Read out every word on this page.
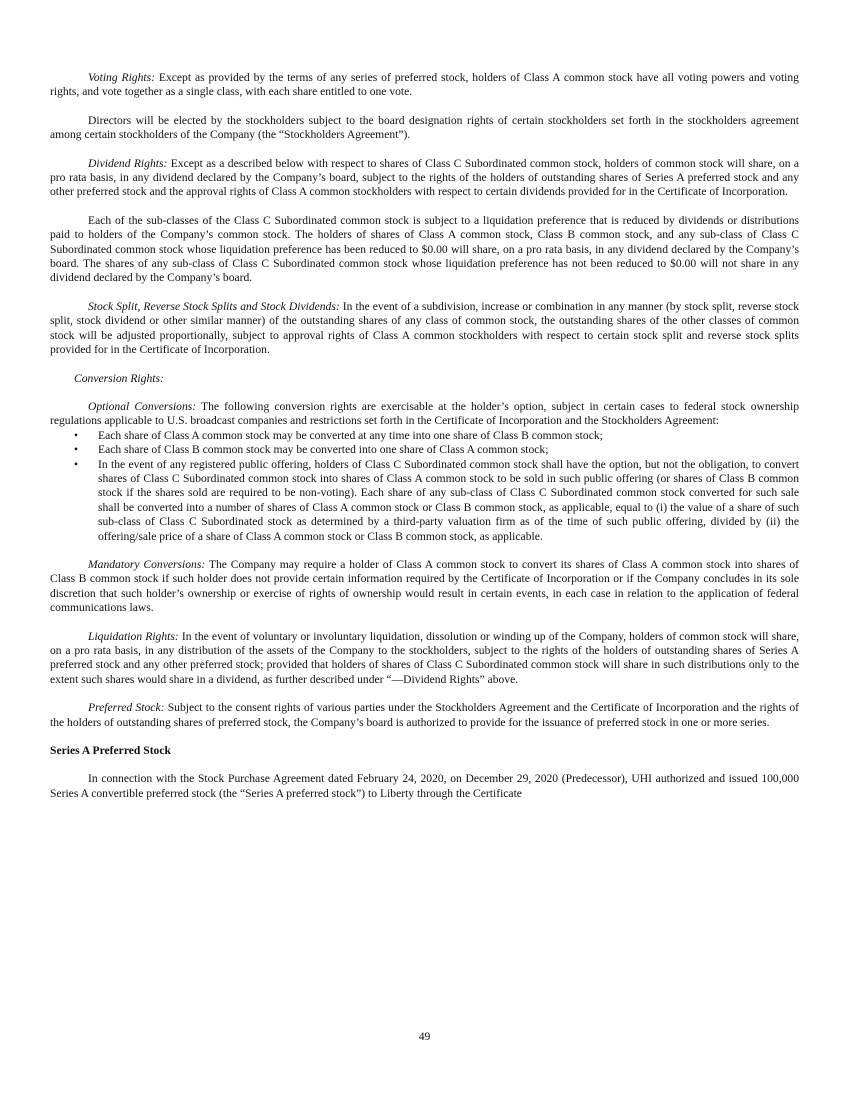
Voting Rights: Except as provided by the terms of any series of preferred stock, holders of Class A common stock have all voting powers and voting rights, and vote together as a single class, with each share entitled to one vote.

Directors will be elected by the stockholders subject to the board designation rights of certain stockholders set forth in the stockholders agreement among certain stockholders of the Company (the “Stockholders Agreement”).

Dividend Rights: Except as a described below with respect to shares of Class C Subordinated common stock, holders of common stock will share, on a pro rata basis, in any dividend declared by the Company’s board, subject to the rights of the holders of outstanding shares of Series A preferred stock and any other preferred stock and the approval rights of Class A common stockholders with respect to certain dividends provided for in the Certificate of Incorporation.

Each of the sub-classes of the Class C Subordinated common stock is subject to a liquidation preference that is reduced by dividends or distributions paid to holders of the Company’s common stock. The holders of shares of Class A common stock, Class B common stock, and any sub-class of Class C Subordinated common stock whose liquidation preference has been reduced to $0.00 will share, on a pro rata basis, in any dividend declared by the Company’s board. The shares of any sub-class of Class C Subordinated common stock whose liquidation preference has not been reduced to $0.00 will not share in any dividend declared by the Company’s board.

Stock Split, Reverse Stock Splits and Stock Dividends: In the event of a subdivision, increase or combination in any manner (by stock split, reverse stock split, stock dividend or other similar manner) of the outstanding shares of any class of common stock, the outstanding shares of the other classes of common stock will be adjusted proportionally, subject to approval rights of Class A common stockholders with respect to certain stock split and reverse stock splits provided for in the Certificate of Incorporation.

Conversion Rights:

Optional Conversions: The following conversion rights are exercisable at the holder’s option, subject in certain cases to federal stock ownership regulations applicable to U.S. broadcast companies and restrictions set forth in the Certificate of Incorporation and the Stockholders Agreement:

• Each share of Class A common stock may be converted at any time into one share of Class B common stock;
• Each share of Class B common stock may be converted into one share of Class A common stock;
• In the event of any registered public offering, holders of Class C Subordinated common stock shall have the option, but not the obligation, to convert shares of Class C Subordinated common stock into shares of Class A common stock to be sold in such public offering (or shares of Class B common stock if the shares sold are required to be non-voting). Each share of any sub-class of Class C Subordinated common stock converted for such sale shall be converted into a number of shares of Class A common stock or Class B common stock, as applicable, equal to (i) the value of a share of such sub-class of Class C Subordinated stock as determined by a third-party valuation firm as of the time of such public offering, divided by (ii) the offering/sale price of a share of Class A common stock or Class B common stock, as applicable.

Mandatory Conversions: The Company may require a holder of Class A common stock to convert its shares of Class A common stock into shares of Class B common stock if such holder does not provide certain information required by the Certificate of Incorporation or if the Company concludes in its sole discretion that such holder’s ownership or exercise of rights of ownership would result in certain events, in each case in relation to the application of federal communications laws.

Liquidation Rights: In the event of voluntary or involuntary liquidation, dissolution or winding up of the Company, holders of common stock will share, on a pro rata basis, in any distribution of the assets of the Company to the stockholders, subject to the rights of the holders of outstanding shares of Series A preferred stock and any other preferred stock; provided that holders of shares of Class C Subordinated common stock will share in such distributions only to the extent such shares would share in a dividend, as further described under “—Dividend Rights” above.

Preferred Stock: Subject to the consent rights of various parties under the Stockholders Agreement and the Certificate of Incorporation and the rights of the holders of outstanding shares of preferred stock, the Company’s board is authorized to provide for the issuance of preferred stock in one or more series.

Series A Preferred Stock

In connection with the Stock Purchase Agreement dated February 24, 2020, on December 29, 2020 (Predecessor), UHI authorized and issued 100,000 Series A convertible preferred stock (the “Series A preferred stock”) to Liberty through the Certificate

49
